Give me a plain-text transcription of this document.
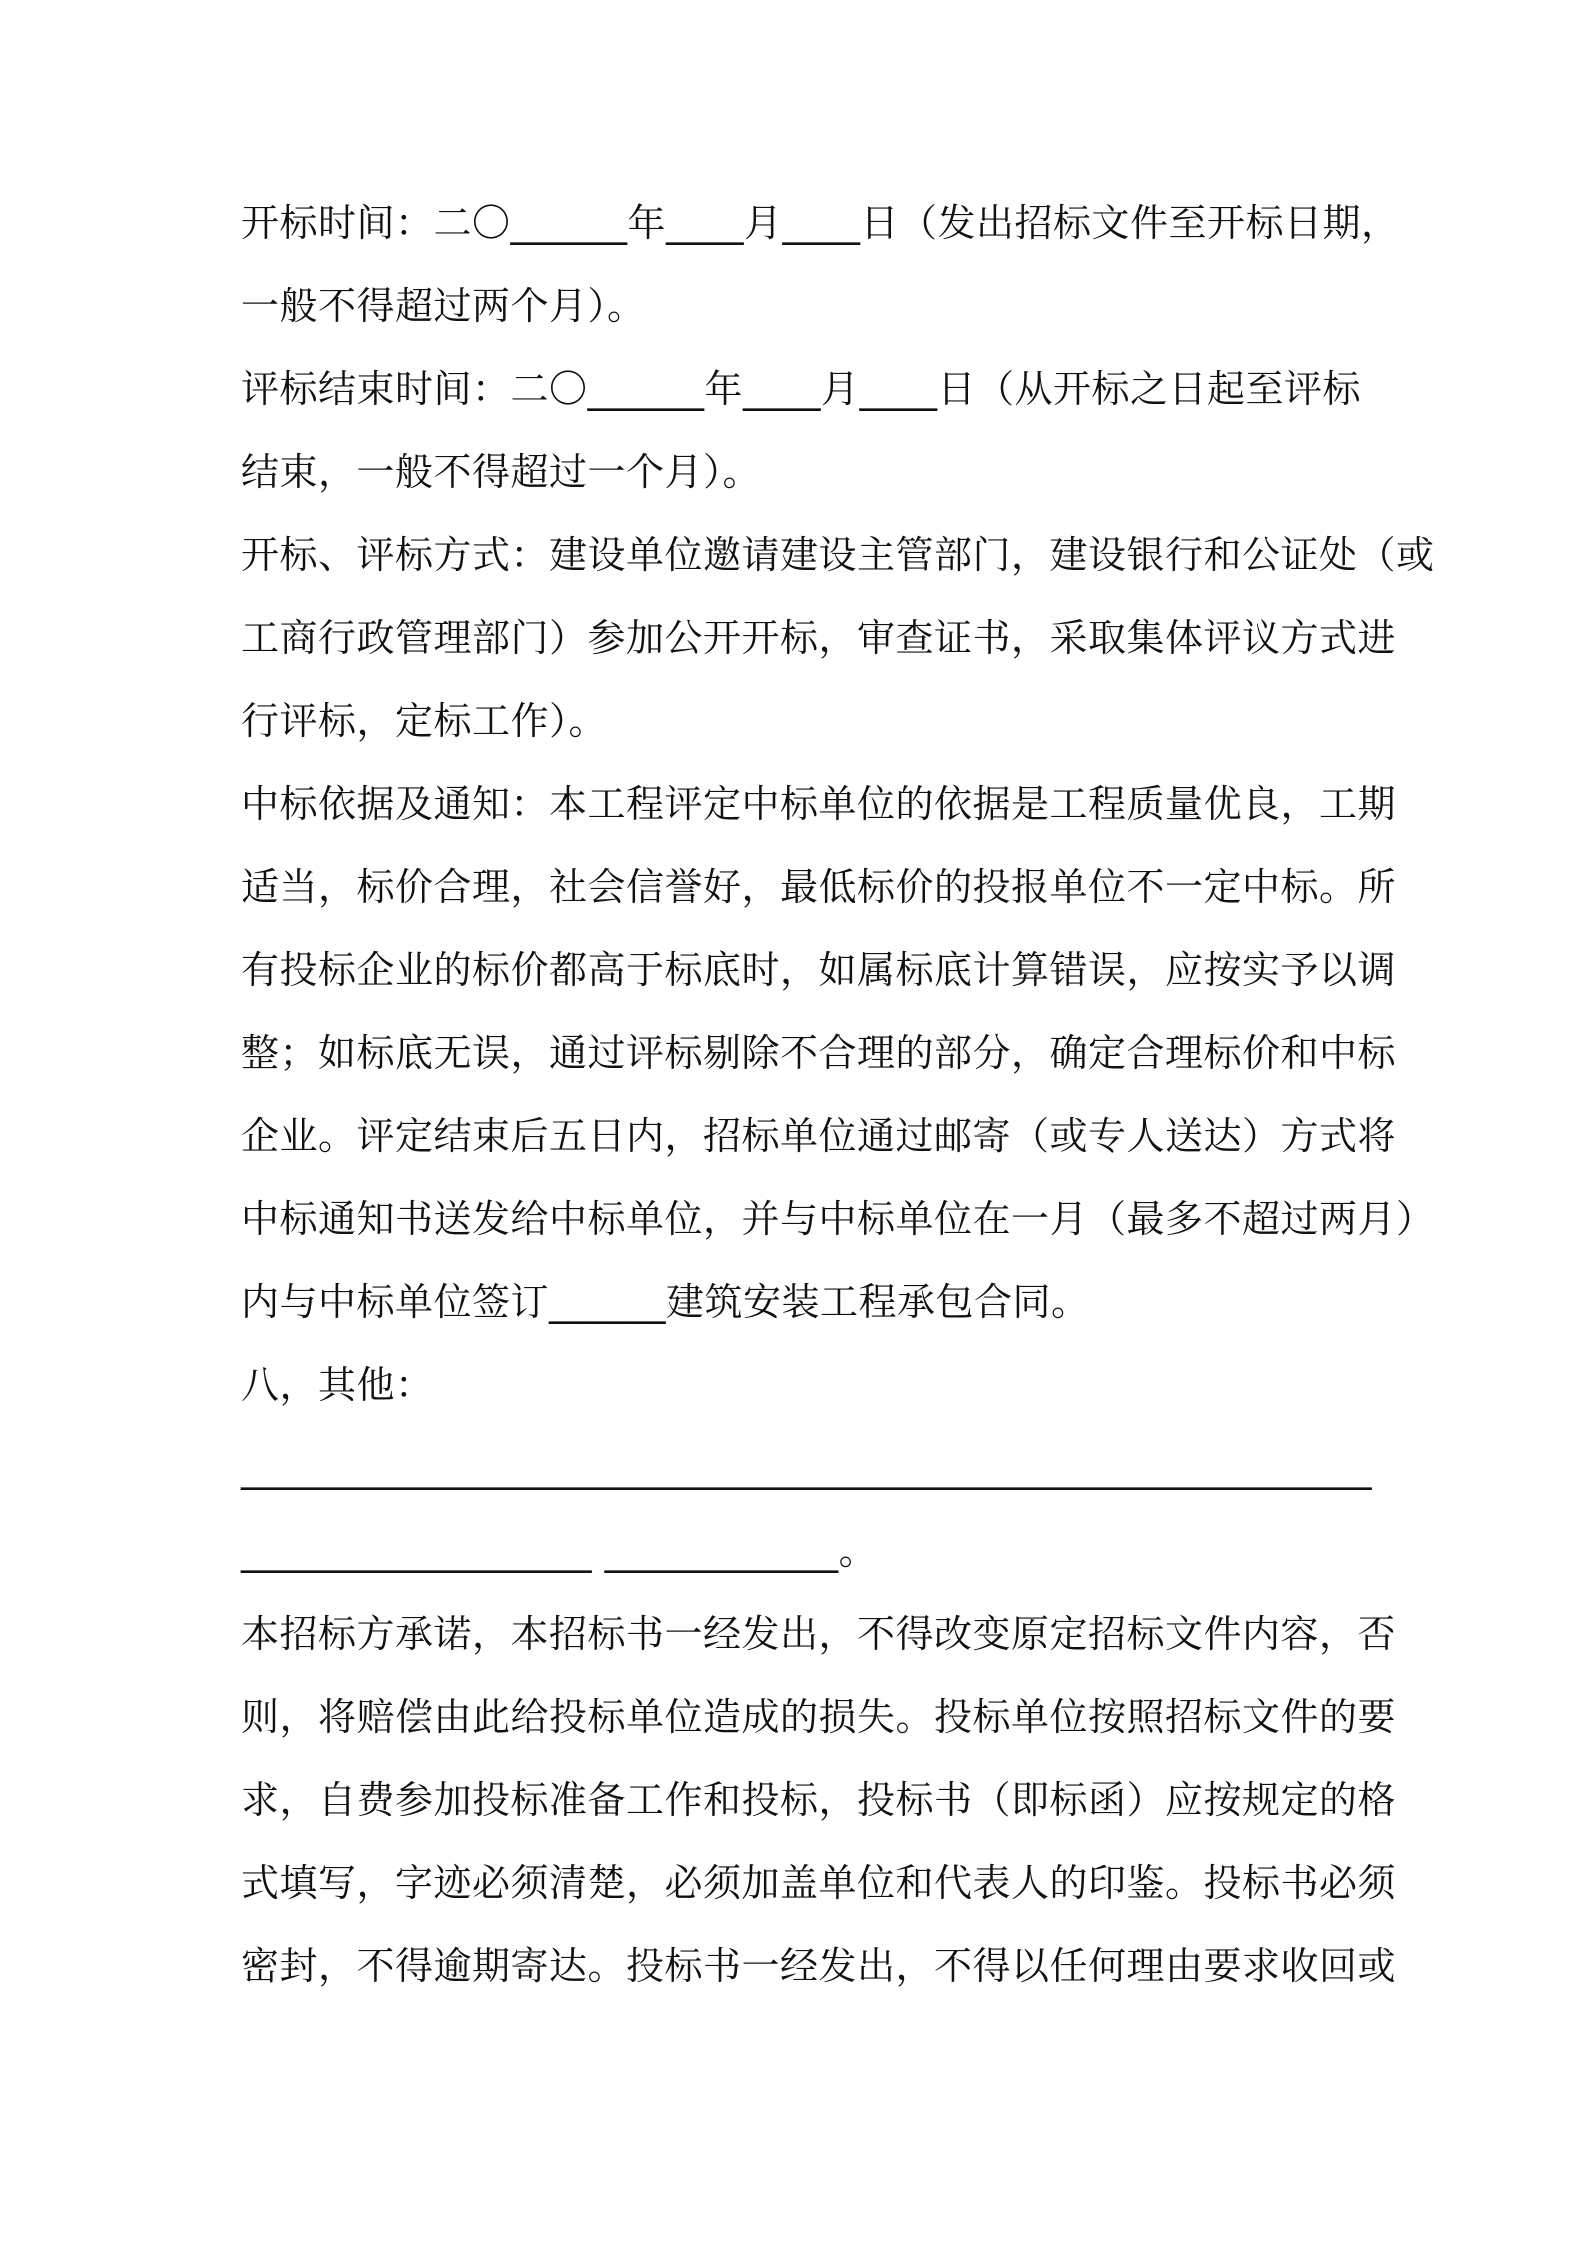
开标时间：二〇______年____月____日（发出招标文件至开标日期，
一般不得超过两个月）。
评标结束时间：二〇______年____月____日（从开标之日起至评标
结束，一般不得超过一个月）。
开标、评标方式：建设单位邀请建设主管部门，建设银行和公证处（或
工商行政管理部门）参加公开开标，审查证书，采取集体评议方式进
行评标，定标工作）。
中标依据及通知：本工程评定中标单位的依据是工程质量优良，工期
适当，标价合理，社会信誉好，最低标价的投报单位不一定中标。所
有投标企业的标价都高于标底时，如属标底计算错误，应按实予以调
整；如标底无误，通过评标剔除不合理的部分，确定合理标价和中标
企业。评定结束后五日内，招标单位通过邮寄（或专人送达）方式将
中标通知书送发给中标单位，并与中标单位在一月（最多不超过两月）
内与中标单位签订______建筑安装工程承包合同。
八，其他：
__________________________________________________________
__________________ ____________。
本招标方承诺，本招标书一经发出，不得改变原定招标文件内容，否
则，将赔偿由此给投标单位造成的损失。投标单位按照招标文件的要
求，自费参加投标准备工作和投标，投标书（即标函）应按规定的格
式填写，字迹必须清楚，必须加盖单位和代表人的印鉴。投标书必须
密封，不得逾期寄达。投标书一经发出，不得以任何理由要求收回或
